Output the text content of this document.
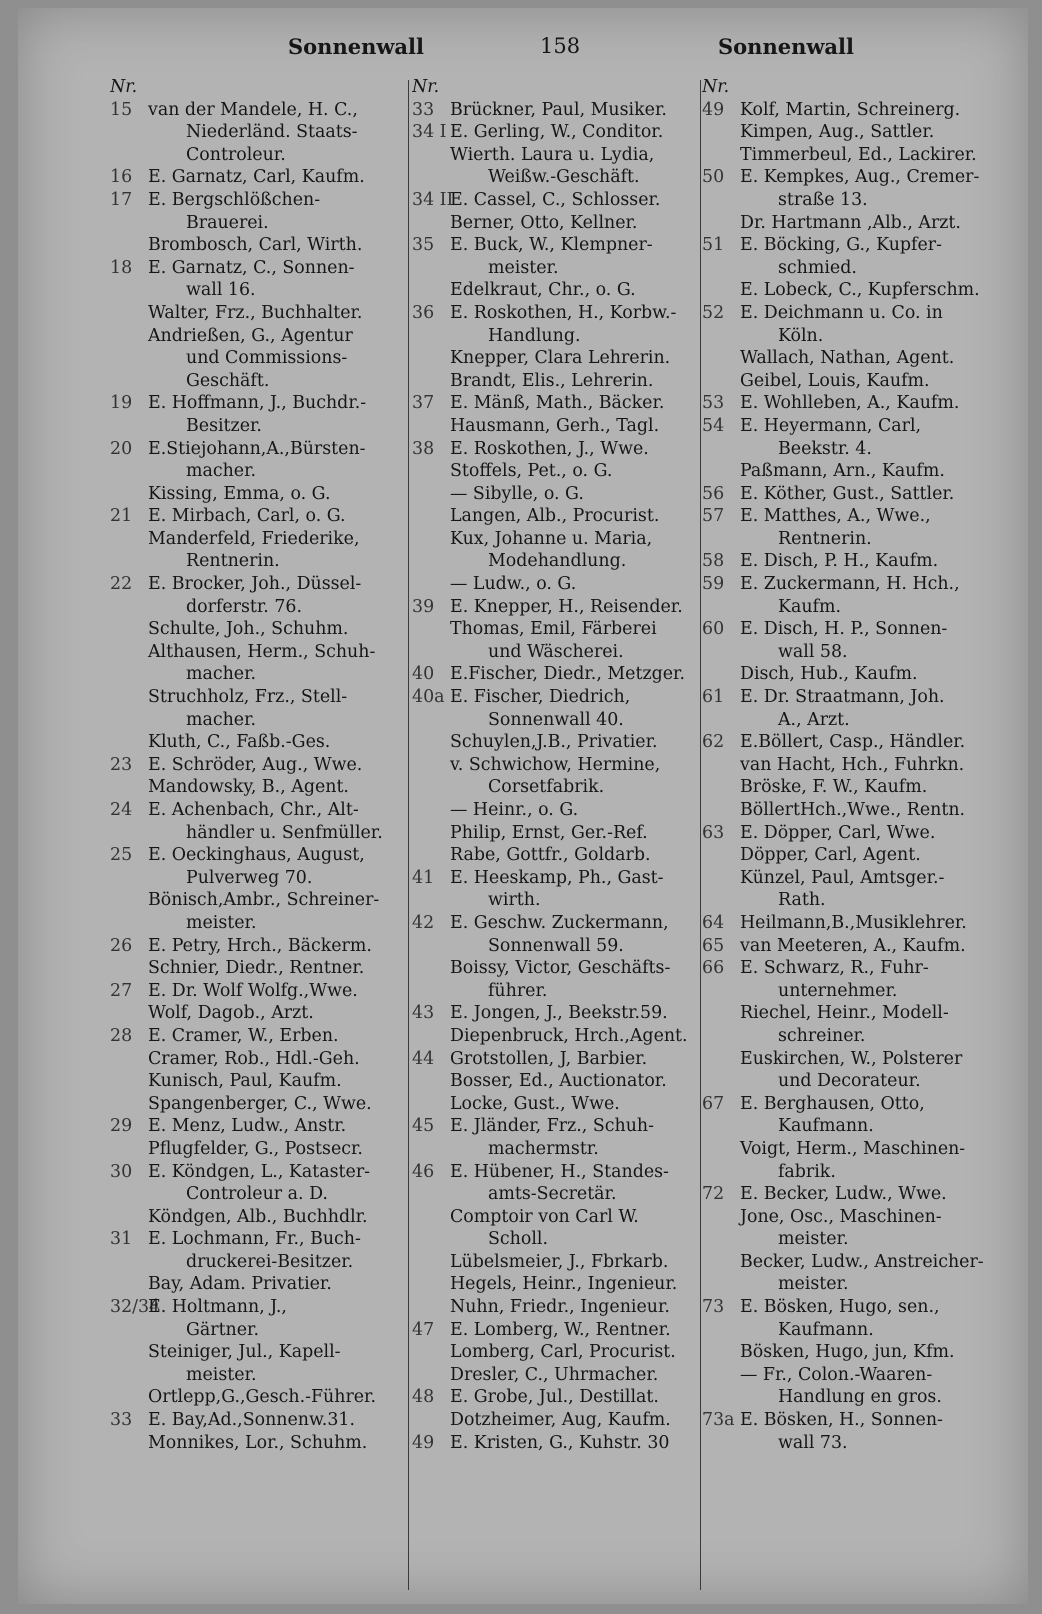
Sonnenwall	158	Sonnenwall
Nr.
15 van der Mandele, H. C.,
Niederländ. Staats-
Controleur.
16 E. Garnatz, Carl, Kaufm.
17 E. Bergschlößchen-
Brauerei.
Brombosch, Carl, Wirth.
18 E. Garnatz, C., Sonnen-
wall 16.
Walter, Frz., Buchhalter.
Andrießen, G., Agentur
und Commissions-
Geschäft.
19 E. Hoffmann, J., Buchdr.-
Besitzer.
20 E.Stiejohann,A.,Bürsten-
macher.
Kissing, Emma, o. G.
21 E. Mirbach, Carl, o. G.
Manderfeld, Friederike,
Rentnerin.
22 E. Brocker, Joh., Düssel-
dorferstr. 76.
Schulte, Joh., Schuhm.
Althausen, Herm., Schuh-
macher.
Struchholz, Frz., Stell-
macher.
Kluth, C., Faßb.-Ges.
23 E. Schröder, Aug., Wwe.
Mandowsky, B., Agent.
24 E. Achenbach, Chr., Alt-
händler u. Senfmüller.
25 E. Oeckinghaus, August,
Pulverweg 70.
Bönisch,Ambr., Schreiner-
meister.
26 E. Petry, Hrch., Bäckerm.
Schnier, Diedr., Rentner.
27 E. Dr. Wolf Wolfg.,Wwe.
Wolf, Dagob., Arzt.
28 E. Cramer, W., Erben.
Cramer, Rob., Hdl.-Geh.
Kunisch, Paul, Kaufm.
Spangenberger, C., Wwe.
29 E. Menz, Ludw., Anstr.
Pflugfelder, G., Postsecr.
30 E. Köndgen, L., Kataster-
Controleur a. D.
Köndgen, Alb., Buchhdlr.
31 E. Lochmann, Fr., Buch-
druckerei-Besitzer.
Bay, Adam. Privatier.
32/34E. Holtmann, J.,
Gärtner.
Steiniger, Jul., Kapell-
meister.
Ortlepp,G.,Gesch.-Führer.
33 E. Bay,Ad.,Sonnenw.31.
Monnikes, Lor., Schuhm.
Nr.
33 Brückner, Paul, Musiker.
34 I E. Gerling, W., Conditor.
Wierth. Laura u. Lydia,
Weißw.-Geschäft.
34 IIE. Cassel, C., Schlosser.
Berner, Otto, Kellner.
35 E. Buck, W., Klempner-
meister.
Edelkraut, Chr., o. G.
36 E. Roskothen, H., Korbw.-
Handlung.
Knepper, Clara Lehrerin.
Brandt, Elis., Lehrerin.
37 E. Mänß, Math., Bäcker.
Hausmann, Gerh., Tagl.
38 E. Roskothen, J., Wwe.
Stoffels, Pet., o. G.
— Sibylle, o. G.
Langen, Alb., Procurist.
Kux, Johanne u. Maria,
Modehandlung.
— Ludw., o. G.
39 E. Knepper, H., Reisender.
Thomas, Emil, Färberei
und Wäscherei.
40 E.Fischer, Diedr., Metzger.
40a E. Fischer, Diedrich,
Sonnenwall 40.
Schuylen,J.B., Privatier.
v. Schwichow, Hermine,
Corsetfabrik.
— Heinr., o. G.
Philip, Ernst, Ger.-Ref.
Rabe, Gottfr., Goldarb.
41 E. Heeskamp, Ph., Gast-
wirth.
42 E. Geschw. Zuckermann,
Sonnenwall 59.
Boissy, Victor, Geschäfts-
führer.
43 E. Jongen, J., Beekstr.59.
Diepenbruck, Hrch.,Agent.
44 Grotstollen, J, Barbier.
Bosser, Ed., Auctionator.
Locke, Gust., Wwe.
45 E. Jländer, Frz., Schuh-
machermstr.
46 E. Hübener, H., Standes-
amts-Secretär.
Comptoir von Carl W.
Scholl.
Lübelsmeier, J., Fbrkarb.
Hegels, Heinr., Ingenieur.
Nuhn, Friedr., Ingenieur.
47 E. Lomberg, W., Rentner.
Lomberg, Carl, Procurist.
Dresler, C., Uhrmacher.
48 E. Grobe, Jul., Destillat.
Dotzheimer, Aug, Kaufm.
49 E. Kristen, G., Kuhstr. 30
Nr.
49 Kolf, Martin, Schreinerg.
Kimpen, Aug., Sattler.
Timmerbeul, Ed., Lackirer.
50 E. Kempkes, Aug., Cremer-
straße 13.
Dr. Hartmann ,Alb., Arzt.
51 E. Böcking, G., Kupfer-
schmied.
E. Lobeck, C., Kupferschm.
52 E. Deichmann u. Co. in
Köln.
Wallach, Nathan, Agent.
Geibel, Louis, Kaufm.
53 E. Wohlleben, A., Kaufm.
54 E. Heyermann, Carl,
Beekstr. 4.
Paßmann, Arn., Kaufm.
56 E. Köther, Gust., Sattler.
57 E. Matthes, A., Wwe.,
Rentnerin.
58 E. Disch, P. H., Kaufm.
59 E. Zuckermann, H. Hch.,
Kaufm.
60 E. Disch, H. P., Sonnen-
wall 58.
Disch, Hub., Kaufm.
61 E. Dr. Straatmann, Joh.
A., Arzt.
62 E.Böllert, Casp., Händler.
van Hacht, Hch., Fuhrkn.
Bröske, F. W., Kaufm.
BöllertHch.,Wwe., Rentn.
63 E. Döpper, Carl, Wwe.
Döpper, Carl, Agent.
Künzel, Paul, Amtsger.-
Rath.
64 Heilmann,B.,Musiklehrer.
65 van Meeteren, A., Kaufm.
66 E. Schwarz, R., Fuhr-
unternehmer.
Riechel, Heinr., Modell-
schreiner.
Euskirchen, W., Polsterer
und Decorateur.
67 E. Berghausen, Otto,
Kaufmann.
Voigt, Herm., Maschinen-
fabrik.
72 E. Becker, Ludw., Wwe.
Jone, Osc., Maschinen-
meister.
Becker, Ludw., Anstreicher-
meister.
73 E. Bösken, Hugo, sen.,
Kaufmann.
Bösken, Hugo, jun, Kfm.
— Fr., Colon.-Waaren-
Handlung en gros.
73a E. Bösken, H., Sonnen-
wall 73.
